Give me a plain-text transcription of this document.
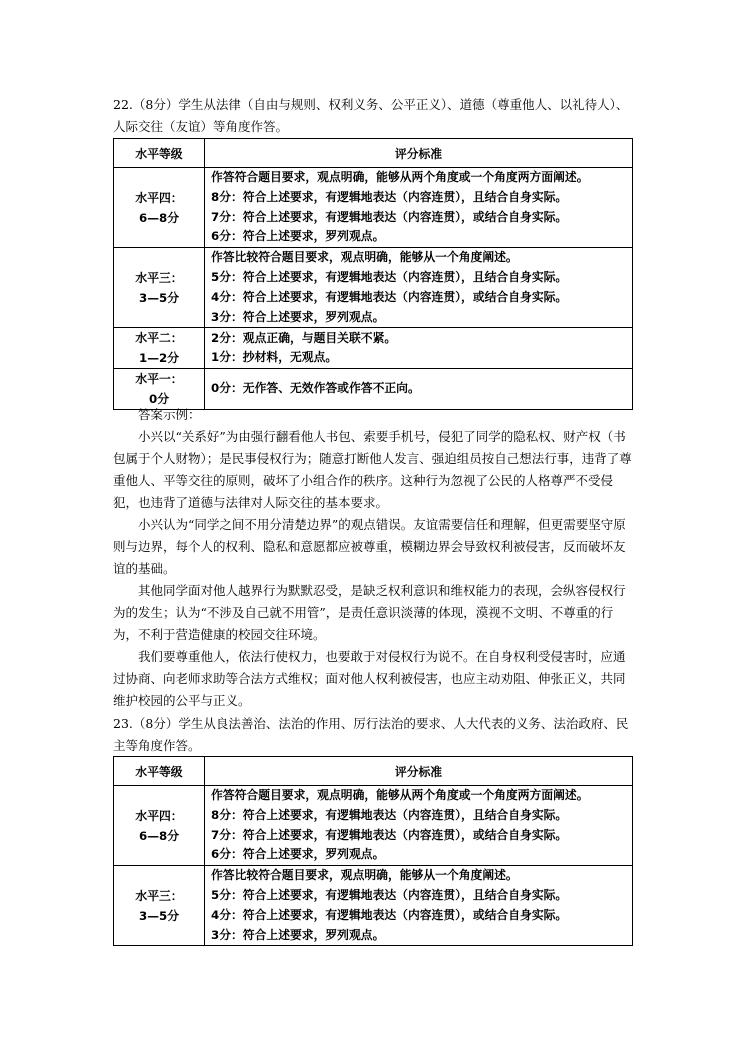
22.（8分）学生从法律（自由与规则、权利义务、公平正义）、道德（尊重他人、以礼待人）、人际交往（友谊）等角度作答。
水平等级	评分标准

水平四：
6—8分	作答符合题目要求，观点明确，能够从两个角度或一个角度两方面阐述。
8分：符合上述要求，有逻辑地表达（内容连贯），且结合自身实际。
7分：符合上述要求，有逻辑地表达（内容连贯），或结合自身实际。
6分：符合上述要求，罗列观点。

水平三：
3—5分	作答比较符合题目要求，观点明确，能够从一个角度阐述。
5分：符合上述要求，有逻辑地表达（内容连贯），且结合自身实际。
4分：符合上述要求，有逻辑地表达（内容连贯），或结合自身实际。
3分：符合上述要求，罗列观点。

水平二：
1—2分	2分：观点正确，与题目关联不紧。
1分：抄材料，无观点。

水平一：
0分	0分：无作答、无效作答或作答不正向。
答案示例：
小兴以“关系好”为由强行翻看他人书包、索要手机号，侵犯了同学的隐私权、财产权（书包属于个人财物）；是民事侵权行为；随意打断他人发言、强迫组员按自己想法行事，违背了尊重他人、平等交往的原则，破坏了小组合作的秩序。这种行为忽视了公民的人格尊严不受侵犯，也违背了道德与法律对人际交往的基本要求。
小兴认为“同学之间不用分清楚边界”的观点错误。友谊需要信任和理解，但更需要坚守原则与边界，每个人的权利、隐私和意愿都应被尊重，模糊边界会导致权利被侵害，反而破坏友谊的基础。
其他同学面对他人越界行为默默忍受，是缺乏权利意识和维权能力的表现，会纵容侵权行为的发生；认为“不涉及自己就不用管”，是责任意识淡薄的体现，漠视不文明、不尊重的行为，不利于营造健康的校园交往环境。
我们要尊重他人，依法行使权力，也要敢于对侵权行为说不。在自身权利受侵害时，应通过协商、向老师求助等合法方式维权；面对他人权利被侵害，也应主动劝阻、伸张正义，共同维护校园的公平与正义。
23.（8分）学生从良法善治、法治的作用、厉行法治的要求、人大代表的义务、法治政府、民主等角度作答。
水平等级	评分标准

水平四：
6—8分	作答符合题目要求，观点明确，能够从两个角度或一个角度两方面阐述。
8分：符合上述要求，有逻辑地表达（内容连贯），且结合自身实际。
7分：符合上述要求，有逻辑地表达（内容连贯），或结合自身实际。
6分：符合上述要求，罗列观点。

水平三：
3—5分	作答比较符合题目要求，观点明确，能够从一个角度阐述。
5分：符合上述要求，有逻辑地表达（内容连贯），且结合自身实际。
4分：符合上述要求，有逻辑地表达（内容连贯），或结合自身实际。
3分：符合上述要求，罗列观点。
